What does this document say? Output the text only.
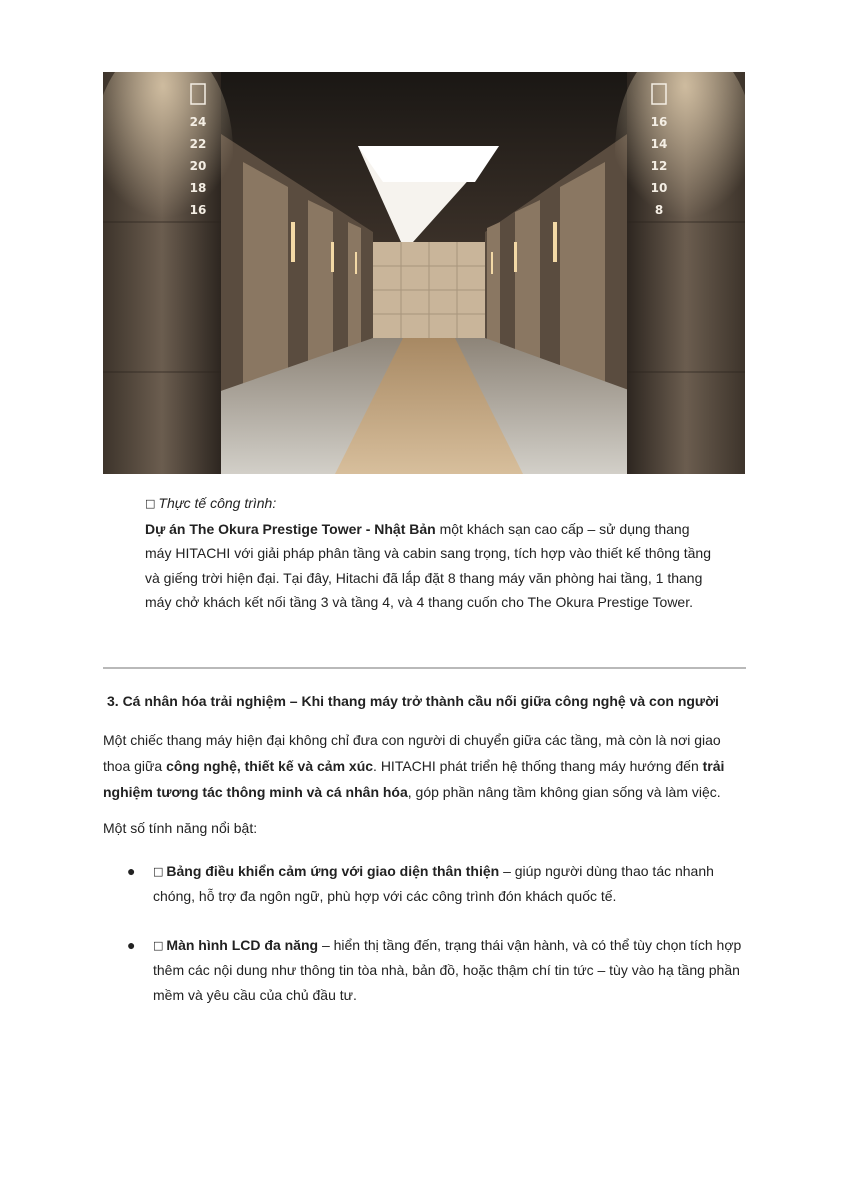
24
22
20
18
16
16
14
12
10
8
□ Thực tế công trình:

Dự án The Okura Prestige Tower - Nhật Bản một khách sạn cao cấp – sử dụng thang máy HITACHI với giải pháp phân tầng và cabin sang trọng, tích hợp vào thiết kế thông tầng và giếng trời hiện đại. Tại đây, Hitachi đã lắp đặt 8 thang máy văn phòng hai tầng, 1 thang máy chở khách kết nối tầng 3 và tầng 4, và 4 thang cuốn cho The Okura Prestige Tower.

3. Cá nhân hóa trải nghiệm – Khi thang máy trở thành cầu nối giữa công nghệ và con người

Một chiếc thang máy hiện đại không chỉ đưa con người di chuyển giữa các tầng, mà còn là nơi giao thoa giữa công nghệ, thiết kế và cảm xúc. HITACHI phát triển hệ thống thang máy hướng đến trải nghiệm tương tác thông minh và cá nhân hóa, góp phần nâng tầm không gian sống và làm việc.

Một số tính năng nổi bật:

● □ Bảng điều khiển cảm ứng với giao diện thân thiện – giúp người dùng thao tác nhanh chóng, hỗ trợ đa ngôn ngữ, phù hợp với các công trình đón khách quốc tế.
● □ Màn hình LCD đa năng – hiển thị tầng đến, trạng thái vận hành, và có thể tùy chọn tích hợp thêm các nội dung như thông tin tòa nhà, bản đồ, hoặc thậm chí tin tức – tùy vào hạ tầng phần mềm và yêu cầu của chủ đầu tư.
